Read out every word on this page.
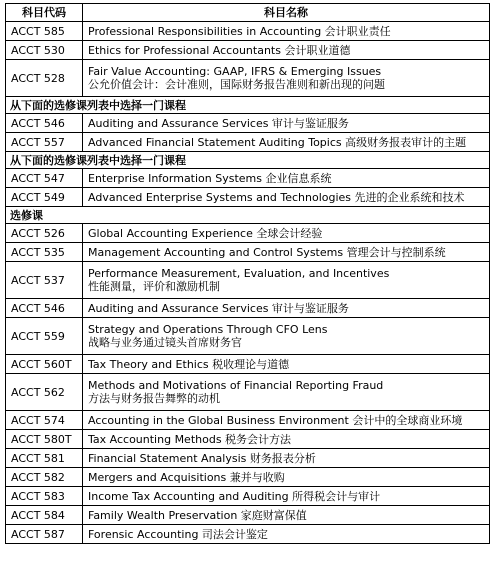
科目代码	科目名称
ACCT 585	Professional Responsibilities in Accounting 会计职业责任

ACCT 530	Ethics for Professional Accountants 会计职业道德

ACCT 528	Fair Value Accounting: GAAP, IFRS & Emerging Issues
公允价值会计：会计准则，国际财务报告准则和新出现的问题

从下面的选修课列表中选择一门课程	
ACCT 546	Auditing and Assurance Services 审计与鉴证服务

ACCT 557	Advanced Financial Statement Auditing Topics 高级财务报表审计的主题

从下面的选修课列表中选择一门课程	
ACCT 547	Enterprise Information Systems 企业信息系统

ACCT 549	Advanced Enterprise Systems and Technologies 先进的企业系统和技术

选修课	
ACCT 526	Global Accounting Experience 全球会计经验

ACCT 535	Management Accounting and Control Systems 管理会计与控制系统

ACCT 537	Performance Measurement, Evaluation, and Incentives
性能测量，评价和激励机制

ACCT 546	Auditing and Assurance Services 审计与鉴证服务

ACCT 559	Strategy and Operations Through CFO Lens
战略与业务通过镜头首席财务官

ACCT 560T	Tax Theory and Ethics 税收理论与道德

ACCT 562	Methods and Motivations of Financial Reporting Fraud
方法与财务报告舞弊的动机

ACCT 574	Accounting in the Global Business Environment 会计中的全球商业环境

ACCT 580T	Tax Accounting Methods 税务会计方法

ACCT 581	Financial Statement Analysis 财务报表分析

ACCT 582	Mergers and Acquisitions 兼并与收购

ACCT 583	Income Tax Accounting and Auditing 所得税会计与审计

ACCT 584	Family Wealth Preservation 家庭财富保值

ACCT 587	Forensic Accounting 司法会计鉴定
